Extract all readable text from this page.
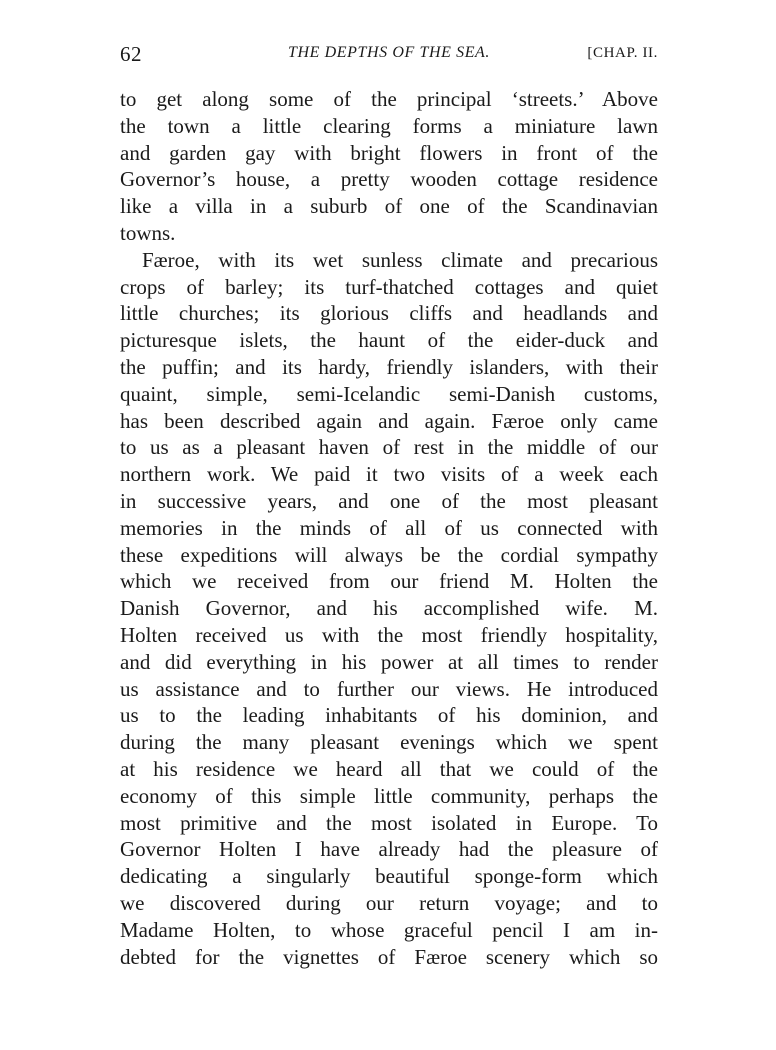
62	THE DEPTHS OF THE SEA.	[CHAP. II.
to get along some of the principal ‘streets.’ Above
the town a little clearing forms a miniature lawn
and garden gay with bright flowers in front of the
Governor’s house, a pretty wooden cottage residence
like a villa in a suburb of one of the Scandinavian
towns.
Færoe, with its wet sunless climate and precarious
crops of barley; its turf-thatched cottages and quiet
little churches; its glorious cliffs and headlands and
picturesque islets, the haunt of the eider-duck and
the puffin; and its hardy, friendly islanders, with their
quaint, simple, semi-Icelandic semi-Danish customs,
has been described again and again. Færoe only came
to us as a pleasant haven of rest in the middle of our
northern work. We paid it two visits of a week each
in successive years, and one of the most pleasant
memories in the minds of all of us connected with
these expeditions will always be the cordial sympathy
which we received from our friend M. Holten the
Danish Governor, and his accomplished wife. M.
Holten received us with the most friendly hospitality,
and did everything in his power at all times to render
us assistance and to further our views. He introduced
us to the leading inhabitants of his dominion, and
during the many pleasant evenings which we spent
at his residence we heard all that we could of the
economy of this simple little community, perhaps the
most primitive and the most isolated in Europe. To
Governor Holten I have already had the pleasure of
dedicating a singularly beautiful sponge-form which
we discovered during our return voyage; and to
Madame Holten, to whose graceful pencil I am in-
debted for the vignettes of Færoe scenery which so
